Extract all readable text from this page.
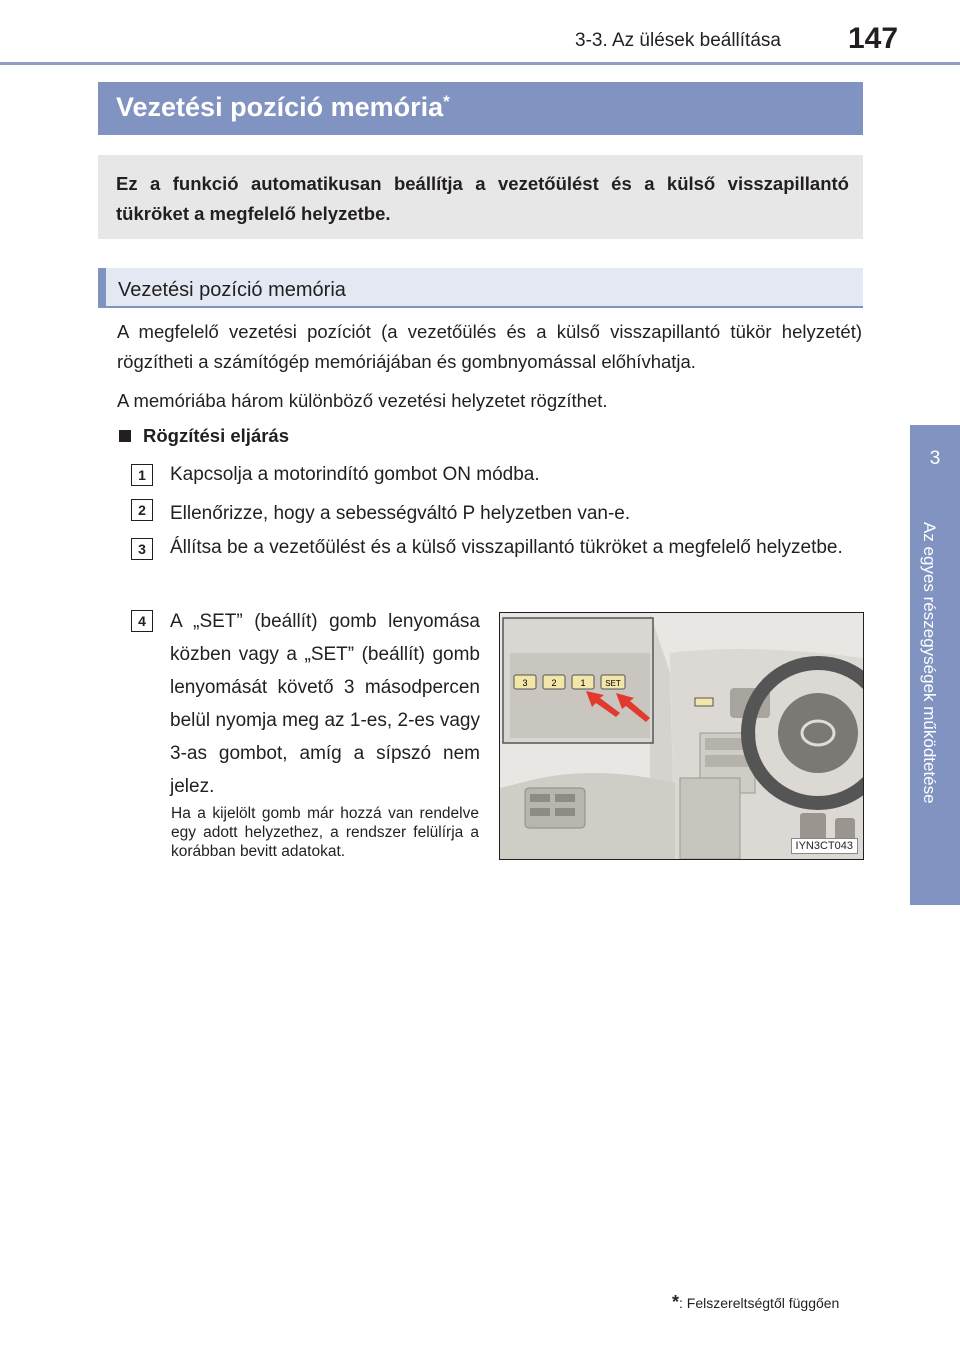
3-3. Az ülések beállítása 147
3
Az egyes részegységek működtetése
Vezetési pozíció memória*
Ez a funkció automatikusan beállítja a vezetőülést és a külső visszapillantó tükröket a megfelelő helyzetbe.
Vezetési pozíció memória
A megfelelő vezetési pozíciót (a vezetőülés és a külső visszapillantó tükör helyzetét) rögzítheti a számítógép memóriájában és gombnyomással előhívhatja.
A memóriába három különböző vezetési helyzetet rögzíthet.
Rögzítési eljárás
1	Kapcsolja a motorindító gombot ON módba.
2	Ellenőrizze, hogy a sebességváltó P helyzetben van-e.
3	Állítsa be a vezetőülést és a külső visszapillantó tükröket a megfelelő helyzetbe.
4	A „SET” (beállít) gomb lenyomása közben vagy a „SET” (beállít) gomb lenyomását követő 3 másodpercen belül nyomja meg az 1-es, 2-es vagy 3-as gombot, amíg a sípszó nem jelez.
Ha a kijelölt gomb már hozzá van rendelve egy adott helyzethez, a rendszer felülírja a korábban bevitt adatokat.
3	2	1 SET
IYN3CT043
*: Felszereltségtől függően
